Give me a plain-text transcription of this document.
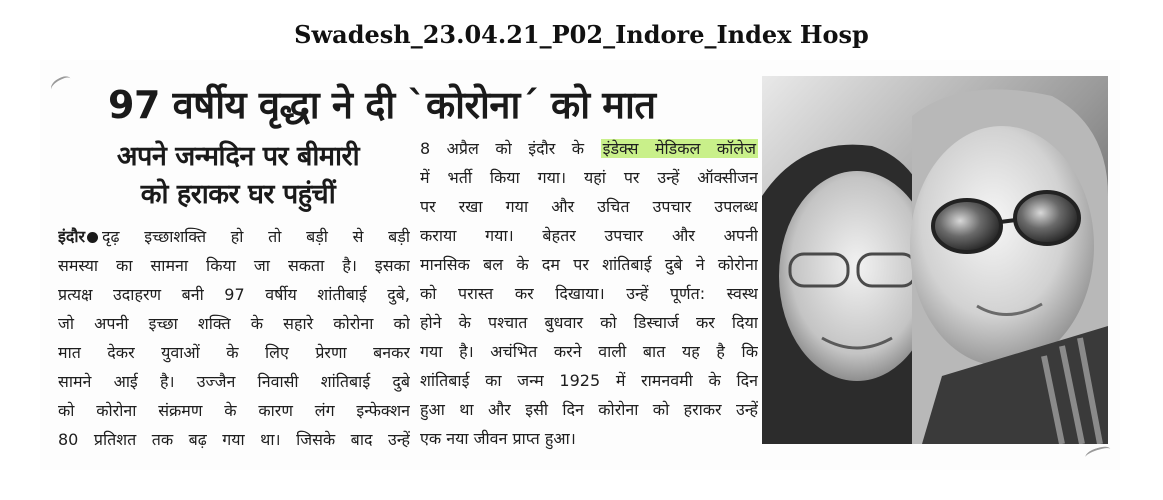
Swadesh_23.04.21_P02_Indore_Index Hosp
97 वर्षीय वृद्धा ने दी `कोरोना´ को मात
अपने जन्मदिन पर बीमारी
को हराकर घर पहुंचीं
इंदौर दृढ़ इच्छाशक्ति हो तो बड़ी से बड़ी
समस्या का सामना किया जा सकता है। इसका
प्रत्यक्ष उदाहरण बनी 97 वर्षीय शांतीबाई दुबे,
जो अपनी इच्छा शक्ति के सहारे कोरोना को
मात देकर युवाओं के लिए प्रेरणा बनकर
सामने आई है। उज्जैन निवासी शांतिबाई दुबे
को कोरोना संक्रमण के कारण लंग इन्फेक्शन
80 प्रतिशत तक बढ़ गया था। जिसके बाद उन्हें
8 अप्रैल को इंदौर के इंडेक्स मेडिकल कॉलेज
में भर्ती किया गया। यहां पर उन्हें ऑक्सीजन
पर रखा गया और उचित उपचार उपलब्ध
कराया गया। बेहतर उपचार और अपनी
मानसिक बल के दम पर शांतिबाई दुबे ने कोरोना
को परास्त कर दिखाया। उन्हें पूर्णत: स्वस्थ
होने के पश्चात बुधवार को डिस्चार्ज कर दिया
गया है। अचंभित करने वाली बात यह है कि
शांतिबाई का जन्म 1925 में रामनवमी के दिन
हुआ था और इसी दिन कोरोना को हराकर उन्हें
एक नया जीवन प्राप्त हुआ।
